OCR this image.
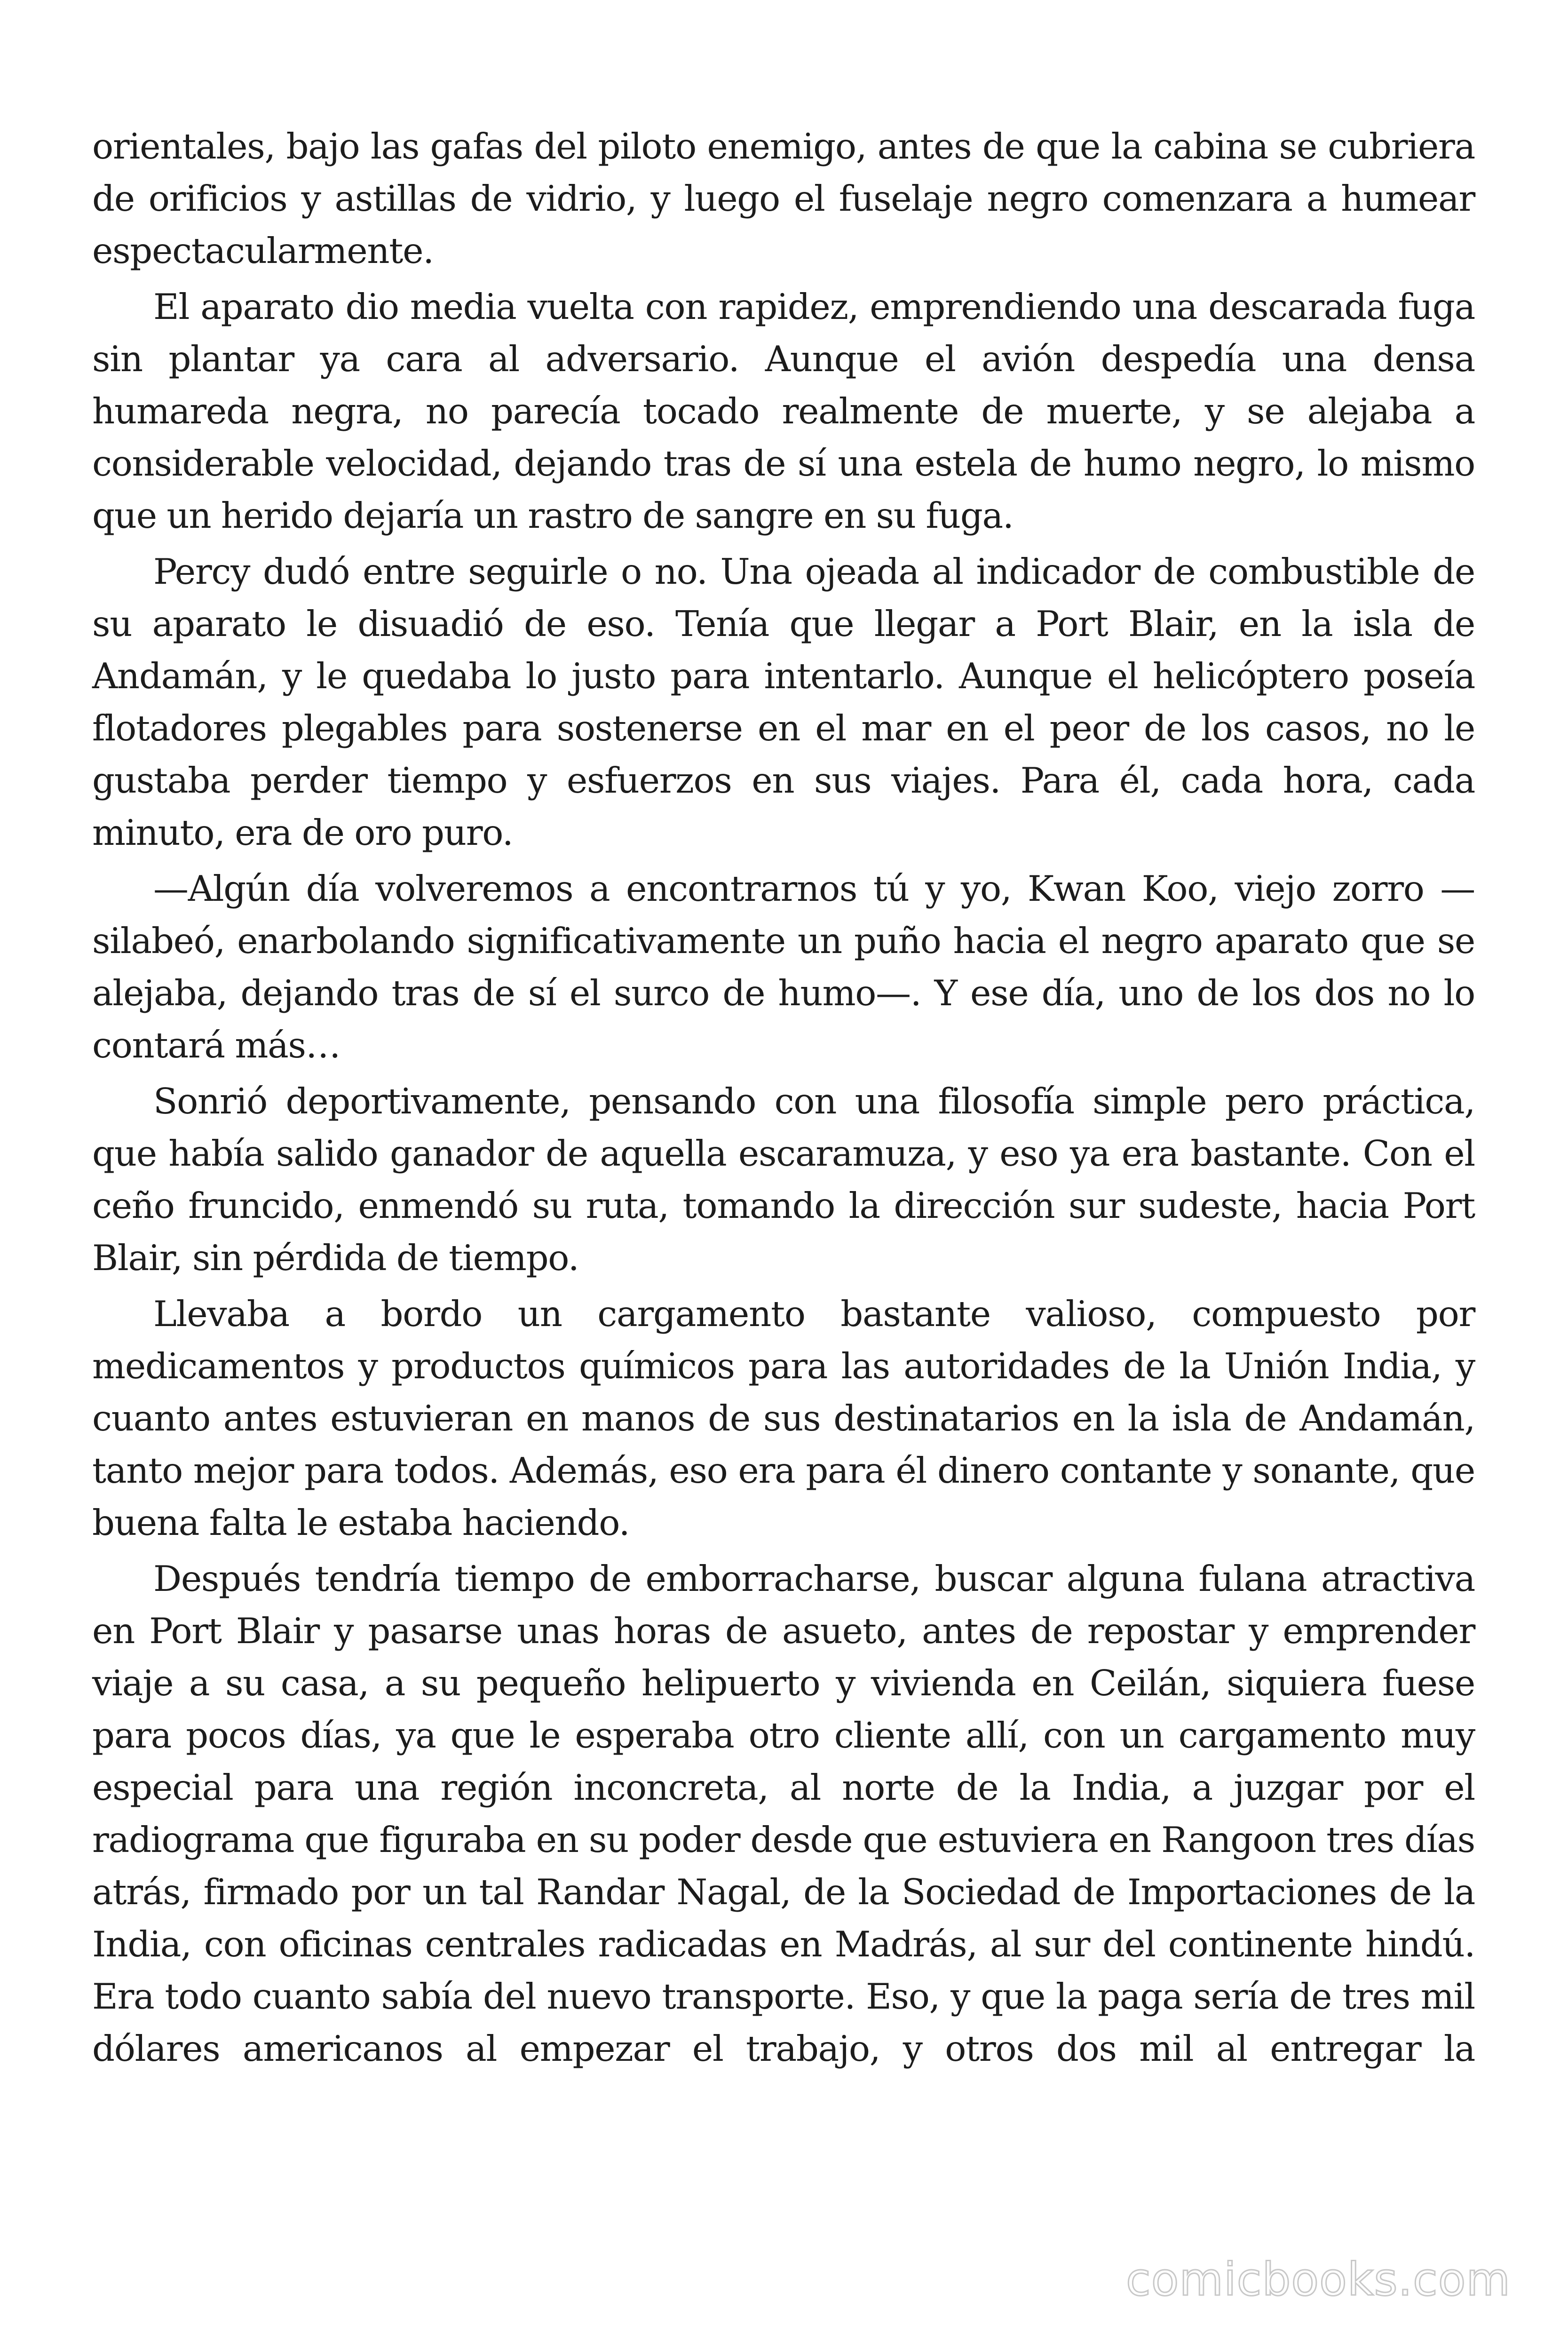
orientales, bajo las gafas del piloto enemigo, antes de que la cabina se cubriera de orificios y astillas de vidrio, y luego el fuselaje negro comenzara a humear espectacularmente.

El aparato dio media vuelta con rapidez, emprendiendo una descarada fuga sin plantar ya cara al adversario. Aunque el avión despedía una densa humareda negra, no parecía tocado realmente de muerte, y se alejaba a considerable velocidad, dejando tras de sí una estela de humo negro, lo mismo que un herido dejaría un rastro de sangre en su fuga.

Percy dudó entre seguirle o no. Una ojeada al indicador de combustible de su aparato le disuadió de eso. Tenía que llegar a Port Blair, en la isla de Andamán, y le quedaba lo justo para intentarlo. Aunque el helicóptero poseía flotadores plegables para sostenerse en el mar en el peor de los casos, no le gustaba perder tiempo y esfuerzos en sus viajes. Para él, cada hora, cada minuto, era de oro puro.

—Algún día volveremos a encontrarnos tú y yo, Kwan Koo, viejo zorro —silabeó, enarbolando significativamente un puño hacia el negro aparato que se alejaba, dejando tras de sí el surco de humo—. Y ese día, uno de los dos no lo contará más…

Sonrió deportivamente, pensando con una filosofía simple pero práctica, que había salido ganador de aquella escaramuza, y eso ya era bastante. Con el ceño fruncido, enmendó su ruta, tomando la dirección sur sudeste, hacia Port Blair, sin pérdida de tiempo.

Llevaba a bordo un cargamento bastante valioso, compuesto por medicamentos y productos químicos para las autoridades de la Unión India, y cuanto antes estuvieran en manos de sus destinatarios en la isla de Andamán, tanto mejor para todos. Además, eso era para él dinero contante y sonante, que buena falta le estaba haciendo.

Después tendría tiempo de emborracharse, buscar alguna fulana atractiva en Port Blair y pasarse unas horas de asueto, antes de repostar y emprender viaje a su casa, a su pequeño helipuerto y vivienda en Ceilán, siquiera fuese para pocos días, ya que le esperaba otro cliente allí, con un cargamento muy especial para una región inconcreta, al norte de la India, a juzgar por el radiograma que figuraba en su poder desde que estuviera en Rangoon tres días atrás, firmado por un tal Randar Nagal, de la Sociedad de Importaciones de la India, con oficinas centrales radicadas en Madrás, al sur del continente hindú. Era todo cuanto sabía del nuevo transporte. Eso, y que la paga sería de tres mil dólares americanos al empezar el trabajo, y otros dos mil al entregar la

comicbooks.com
